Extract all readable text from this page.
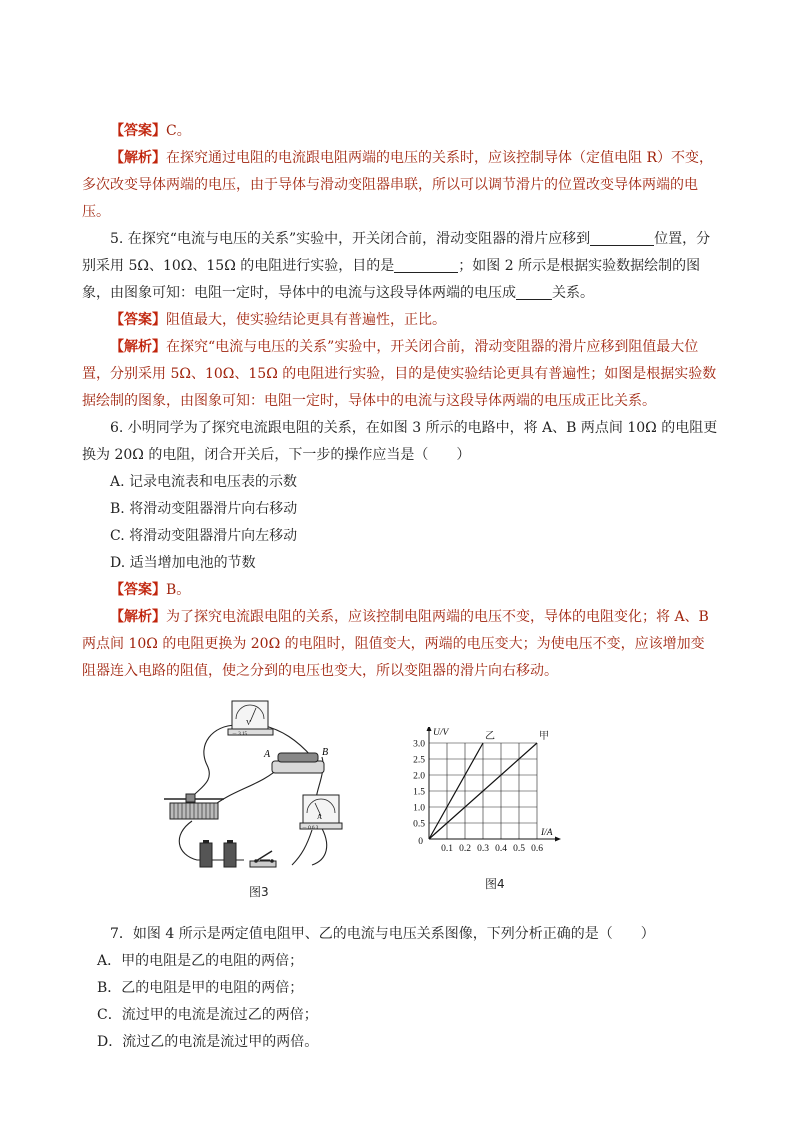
【答案】C。

【解析】在探究通过电阻的电流跟电阻两端的电压的关系时，应该控制导体（定值电阻 R）不变，多次改变导体两端的电压，由于导体与滑动变阻器串联，所以可以调节滑片的位置改变导体两端的电压。

5. 在探究“电流与电压的关系”实验中，开关闭合前，滑动变阻器的滑片应移到	位置，分别采用 5Ω、10Ω、15Ω 的电阻进行实验，目的是	；如图 2 所示是根据实验数据绘制的图象，由图象可知：电阻一定时，导体中的电流与这段导体两端的电压成	关系。

【答案】阻值最大，使实验结论更具有普遍性，正比。

【解析】在探究“电流与电压的关系”实验中，开关闭合前，滑动变阻器的滑片应移到阻值最大位置，分别采用 5Ω、10Ω、15Ω 的电阻进行实验，目的是使实验结论更具有普遍性；如图是根据实验数据绘制的图象，由图象可知：电阻一定时，导体中的电流与这段导体两端的电压成正比关系。

6. 小明同学为了探究电流跟电阻的关系，在如图 3 所示的电路中，将 A、B 两点间 10Ω 的电阻更换为 20Ω 的电阻，闭合开关后，下一步的操作应当是（　　）

A. 记录电流表和电压表的示数

B. 将滑动变阻器滑片向右移动

C. 将滑动变阻器滑片向左移动

D. 适当增加电池的节数

【答案】B。

【解析】为了探究电流跟电阻的关系，应该控制电阻两端的电压不变，导体的电阻变化；将 A、B 两点间 10Ω 的电阻更换为 20Ω 的电阻时，阻值变大，两端的电压变大；为使电压不变，应该增加变阻器连入电路的阻值，使之分到的电压也变大，所以变阻器的滑片向右移动。

V
－ 3 15
A	B
A
－ 0.6 3
图3
0.1 0.2 0.3 0.4 0.5 0.6
0.5
1.0
1.5
2.0
2.5
3.0
0
U/V
I/A
乙	甲
图4

7．如图 4 所示是两定值电阻甲、乙的电流与电压关系图像，下列分析正确的是（　　）

A．甲的电阻是乙的电阻的两倍；

B．乙的电阻是甲的电阻的两倍；

C．流过甲的电流是流过乙的两倍；

D．流过乙的电流是流过甲的两倍。
